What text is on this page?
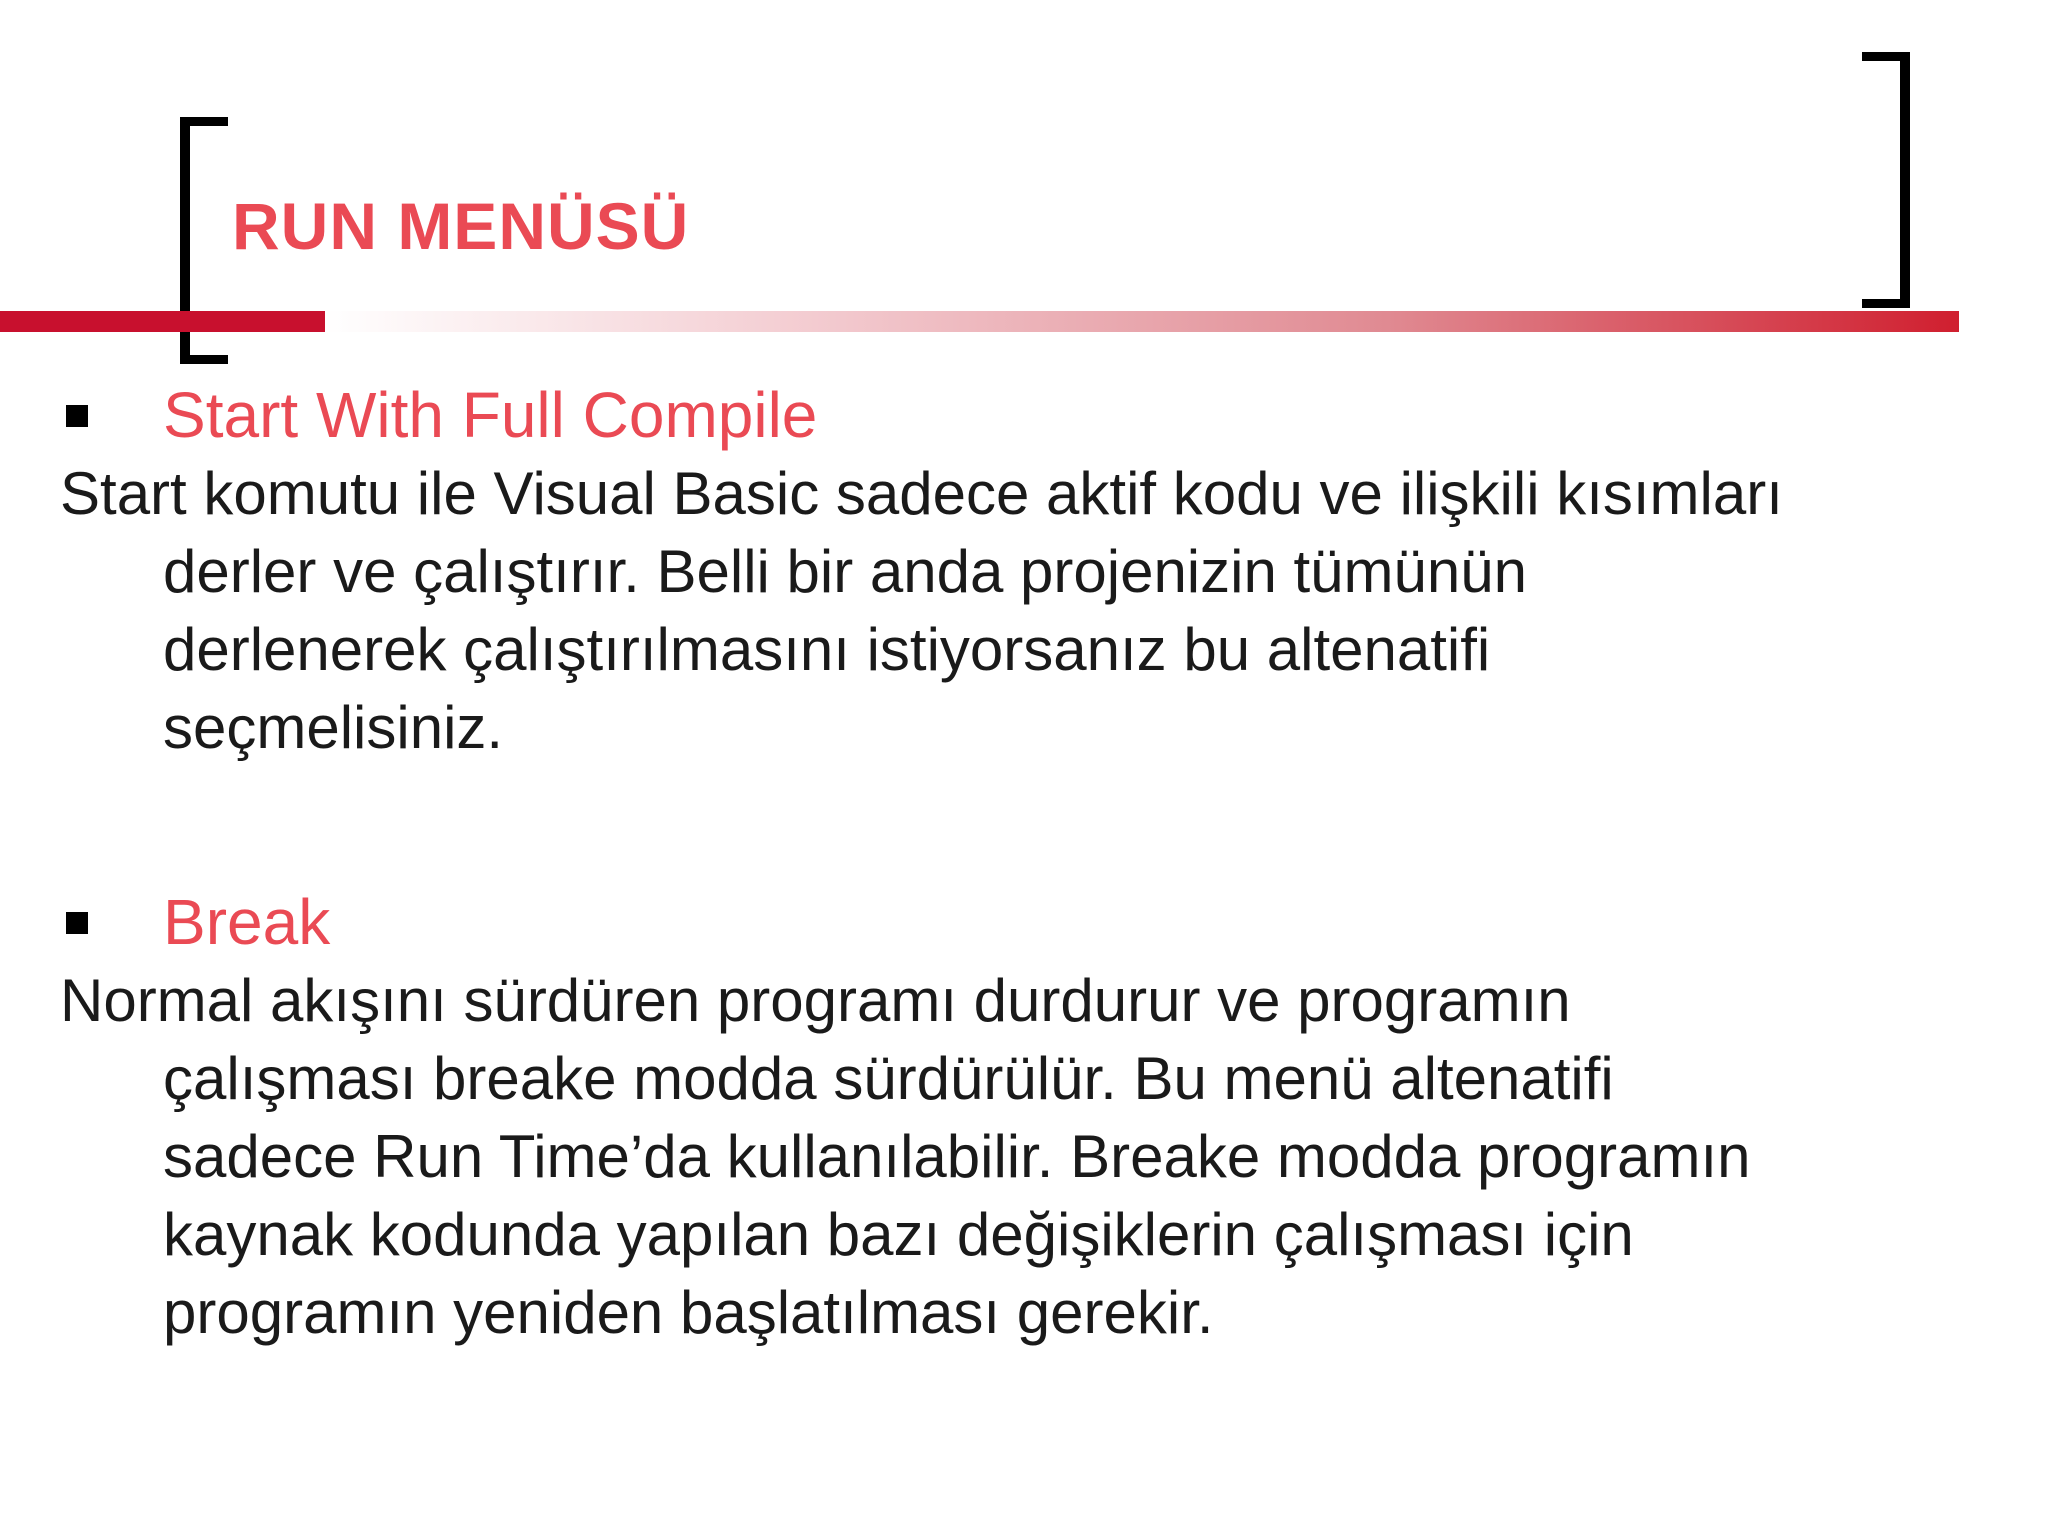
RUN MENÜSÜ
Start With Full Compile

Start komutu ile Visual Basic sadece aktif kodu ve ilişkili kısımları
derler ve çalıştırır. Belli bir anda projenizin tümünün
derlenerek çalıştırılmasını istiyorsanız bu altenatifi
seçmelisiniz.

Break

Normal akışını sürdüren programı durdurur ve programın
çalışması breake modda sürdürülür. Bu menü altenatifi
sadece Run Time’da kullanılabilir. Breake modda programın
kaynak kodunda yapılan bazı değişiklerin çalışması için
programın yeniden başlatılması gerekir.
